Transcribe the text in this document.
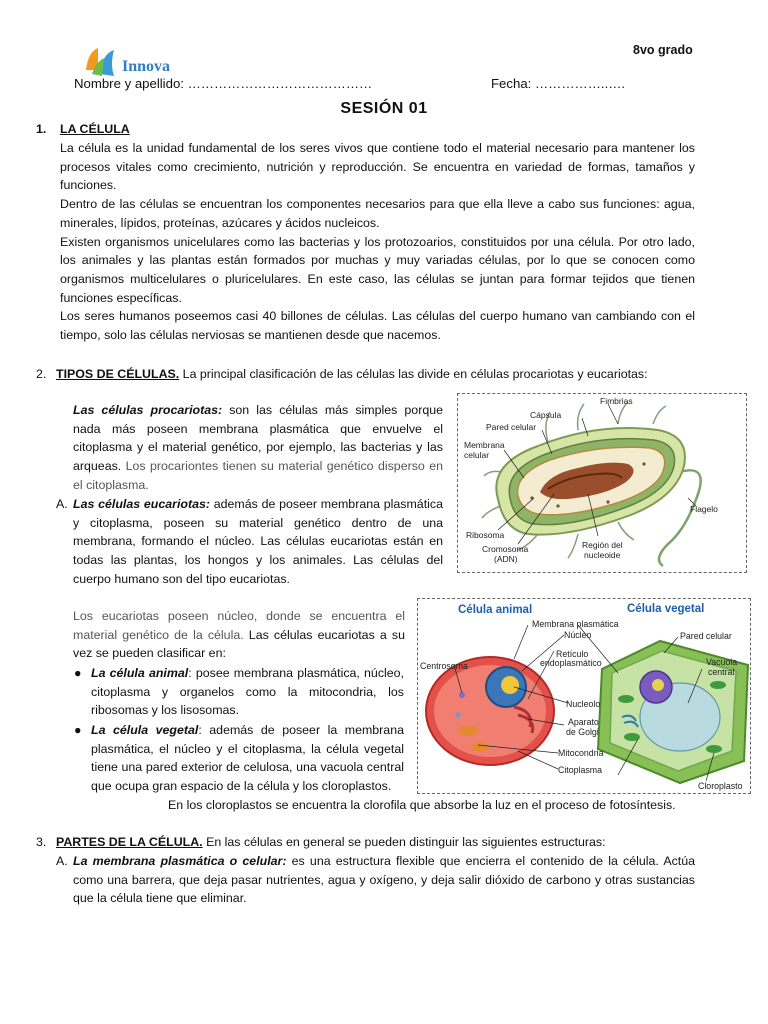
Innova
8vo grado
Nombre y apellido: ……………………………………	Fecha: ……………..….
SESIÓN 01
1. LA CÉLULA

La célula es la unidad fundamental de los seres vivos que contiene todo el material necesario para mantener los procesos vitales como crecimiento, nutrición y reproducción. Se encuentra en variedad de formas, tamaños y funciones.

Dentro de las células se encuentran los componentes necesarios para que ella lleve a cabo sus funciones: agua, minerales, lípidos, proteínas, azúcares y ácidos nucleicos.

Existen organismos unicelulares como las bacterias y los protozoarios, constituidos por una célula. Por otro lado, los animales y las plantas están formados por muchas y muy variadas células, por lo que se conocen como organismos multicelulares o pluricelulares. En este caso, las células se juntan para formar tejidos que tienen funciones específicas.

Los seres humanos poseemos casi 40 billones de células. Las células del cuerpo humano van cambiando con el tiempo, solo las células nerviosas se mantienen desde que nacemos.

2. TIPOS DE CÉLULAS. La principal clasificación de las células las divide en células procariotas y eucariotas:
Las células procariotas: son las células más simples porque nada más poseen membrana plasmática que envuelve el citoplasma y el material genético, por ejemplo, las bacterias y las arqueas. Los procariontes tienen su material genético disperso en el citoplasma.
A. Las células eucariotas: además de poseer membrana plasmática y citoplasma, poseen su material genético dentro de una membrana, formando el núcleo. Las células eucariotas están en todas las plantas, los hongos y los animales. Las células del cuerpo humano son del tipo eucariotas.
Los eucariotas poseen núcleo, donde se encuentra el material genético de la célula. Las células eucariotas a su vez se pueden clasificar en:
● La célula animal: posee membrana plasmática, núcleo, citoplasma y organelos como la mitocondria, los ribosomas y los lisosomas.
● La célula vegetal: además de poseer la membrana plasmática, el núcleo y el citoplasma, la célula vegetal tiene una pared exterior de celulosa, una vacuola central que ocupa gran espacio de la célula y los cloroplastos.
En los cloroplastos se encuentra la clorofila que absorbe la luz en el proceso de fotosíntesis.
3. PARTES DE LA CÉLULA. En las células en general se pueden distinguir las siguientes estructuras:
A. La membrana plasmática o celular: es una estructura flexible que encierra el contenido de la célula. Actúa como una barrera, que deja pasar nutrientes, agua y oxígeno, y deja salir dióxido de carbono y otras sustancias que la célula tiene que eliminar.
Fimbrias
Cápsula
Pared celular
Membrana
celular
Flagelo
Ribosoma
Cromosoma
(ADN)
Región del
nucleoide
Célula animal	Célula vegetal
Membrana plasmática
Núcleo
Retículo
endoplasmático
Pared celular
Vacuola
central
Centrosoma
Nucleolo
Aparato
de Golgi
Mitocondria
Citoplasma
Cloroplasto
